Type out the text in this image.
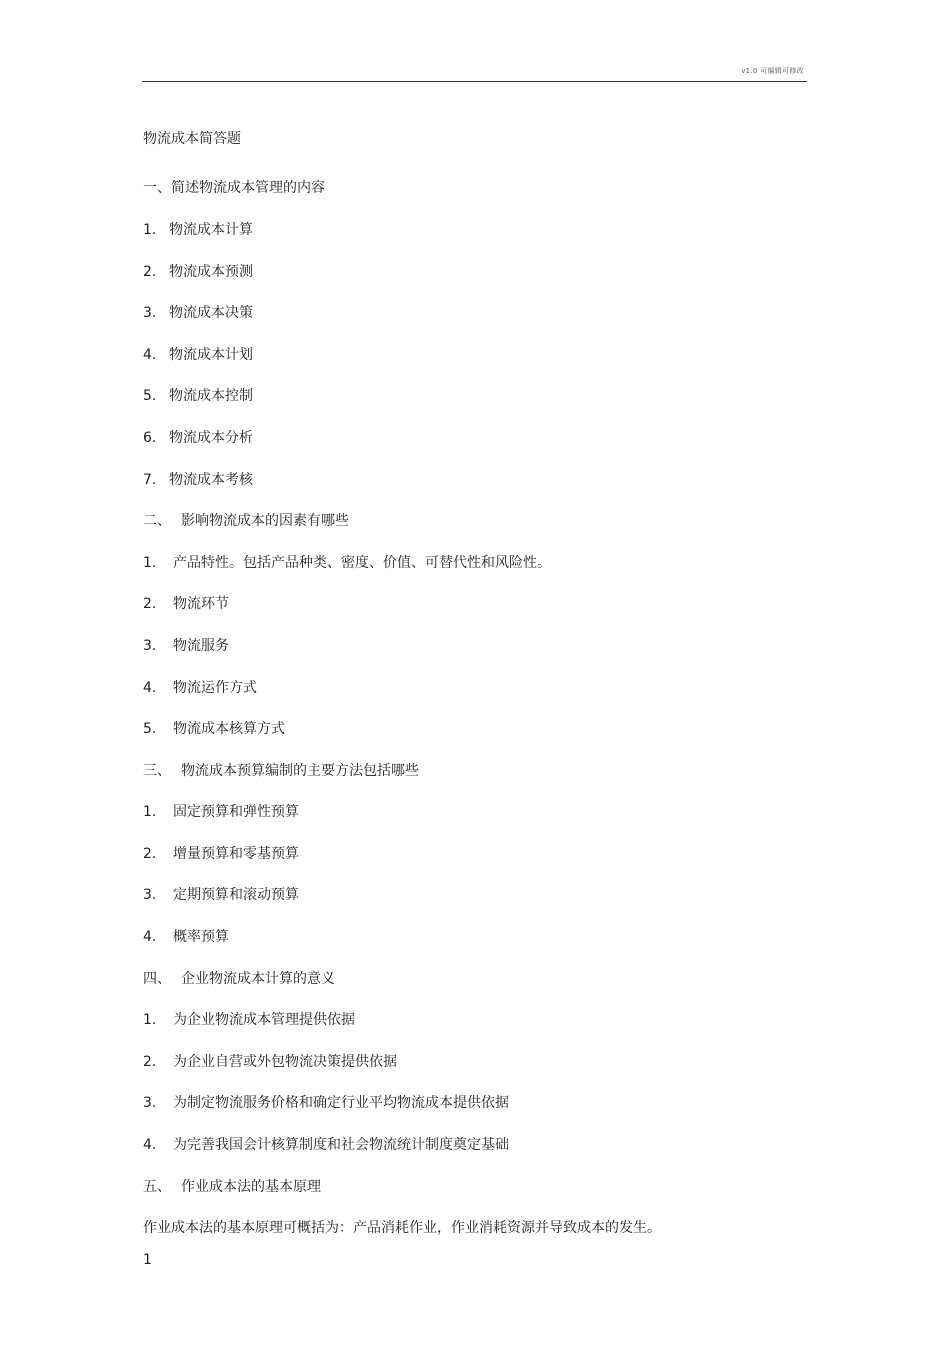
v1.0 可编辑可修改
物流成本简答题
一、 简述物流成本管理的内容
1. 物流成本计算
2. 物流成本预测
3. 物流成本决策
4. 物流成本计划
5. 物流成本控制
6. 物流成本分析
7. 物流成本考核
二、 影响物流成本的因素有哪些
1.	产品特性。包括产品种类、密度、价值、可替代性和风险性。
2.	物流环节
3.	物流服务
4.	物流运作方式
5.	物流成本核算方式
三、 物流成本预算编制的主要方法包括哪些
1.	固定预算和弹性预算
2.	增量预算和零基预算
3.	定期预算和滚动预算
4.	概率预算
四、 企业物流成本计算的意义
1.	为企业物流成本管理提供依据
2.	为企业自营或外包物流决策提供依据
3.	为制定物流服务价格和确定行业平均物流成本提供依据
4.	为完善我国会计核算制度和社会物流统计制度奠定基础
五、 作业成本法的基本原理
作业成本法的基本原理可概括为：产品消耗作业，作业消耗资源并导致成本的发生。
1
